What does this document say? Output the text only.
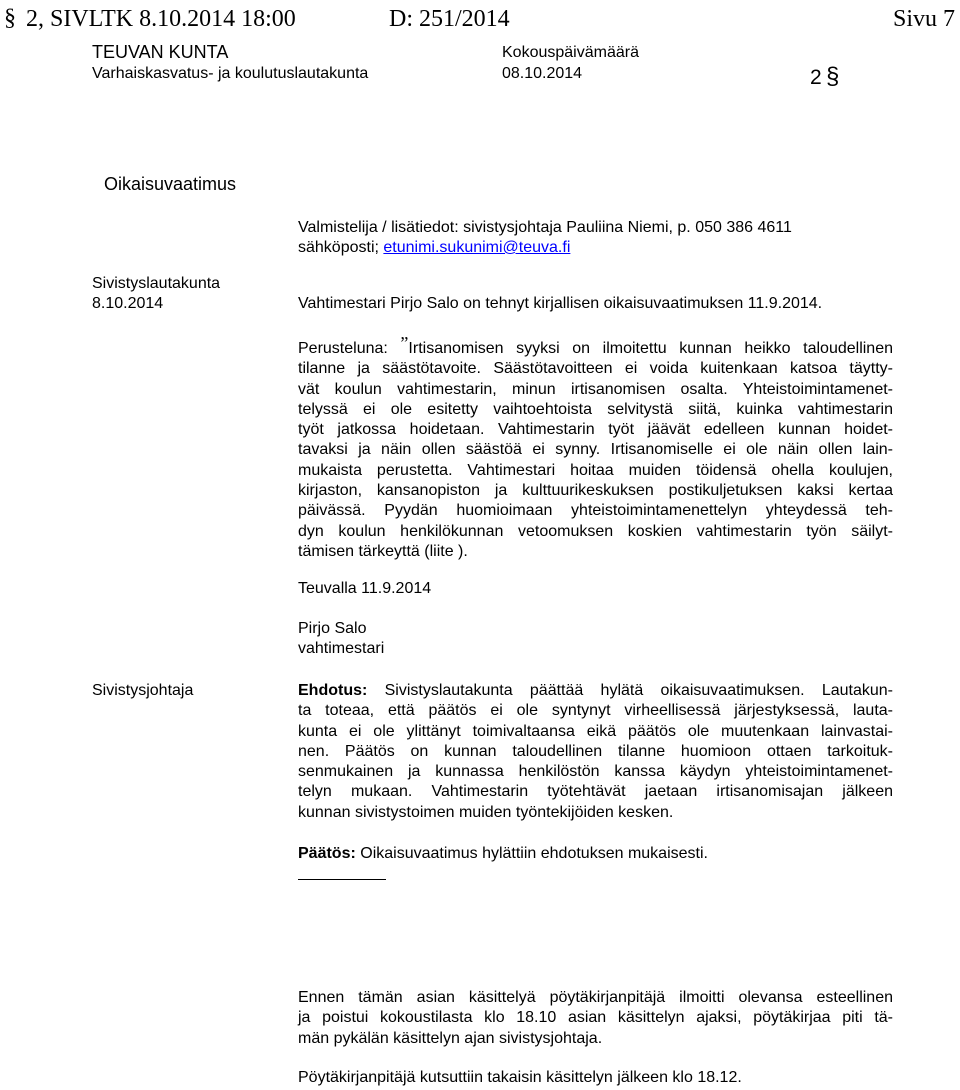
§ 2, SIVLTK 8.10.2014 18:00	D: 251/2014	Sivu 7
TEUVAN KUNTA
Varhaiskasvatus- ja koulutuslautakunta
Kokouspäivämäärä
08.10.2014	2 §
Oikaisuvaatimus
Valmistelija / lisätiedot: sivistysjohtaja Pauliina Niemi, p. 050 386 4611
sähköposti; etunimi.sukunimi@teuva.fi
Sivistyslautakunta
8.10.2014	Vahtimestari Pirjo Salo on tehnyt kirjallisen oikaisuvaatimuksen 11.9.2014.
Perusteluna: ”Irtisanomisen syyksi on ilmoitettu kunnan heikko taloudellinen
tilanne ja säästötavoite. Säästötavoitteen ei voida kuitenkaan katsoa täytty-
vät koulun vahtimestarin, minun irtisanomisen osalta. Yhteistoimintamenet-
telyssä ei ole esitetty vaihtoehtoista selvitystä siitä, kuinka vahtimestarin
työt jatkossa hoidetaan. Vahtimestarin työt jäävät edelleen kunnan hoidet-
tavaksi ja näin ollen säästöä ei synny. Irtisanomiselle ei ole näin ollen lain-
mukaista perustetta. Vahtimestari hoitaa muiden töidensä ohella koulujen,
kirjaston, kansanopiston ja kulttuurikeskuksen postikuljetuksen kaksi kertaa
päivässä. Pyydän huomioimaan yhteistoimintamenettelyn yhteydessä teh-
dyn koulun henkilökunnan vetoomuksen koskien vahtimestarin työn säilyt-
tämisen tärkeyttä (liite ).
Teuvalla 11.9.2014
Pirjo Salo
vahtimestari
Sivistysjohtaja	Ehdotus: Sivistyslautakunta päättää hylätä oikaisuvaatimuksen. Lautakun-
ta toteaa, että päätös ei ole syntynyt virheellisessä järjestyksessä, lauta-
kunta ei ole ylittänyt toimivaltaansa eikä päätös ole muutenkaan lainvastai-
nen. Päätös on kunnan taloudellinen tilanne huomioon ottaen tarkoituk-
senmukainen ja kunnassa henkilöstön kanssa käydyn yhteistoimintamenet-
telyn mukaan. Vahtimestarin työtehtävät jaetaan irtisanomisajan jälkeen
kunnan sivistystoimen muiden työntekijöiden kesken.
Päätös: Oikaisuvaatimus hylättiin ehdotuksen mukaisesti.
Ennen tämän asian käsittelyä pöytäkirjanpitäjä ilmoitti olevansa esteellinen
ja poistui kokoustilasta klo 18.10 asian käsittelyn ajaksi, pöytäkirjaa piti tä-
män pykälän käsittelyn ajan sivistysjohtaja.
Pöytäkirjanpitäjä kutsuttiin takaisin käsittelyn jälkeen klo 18.12.
